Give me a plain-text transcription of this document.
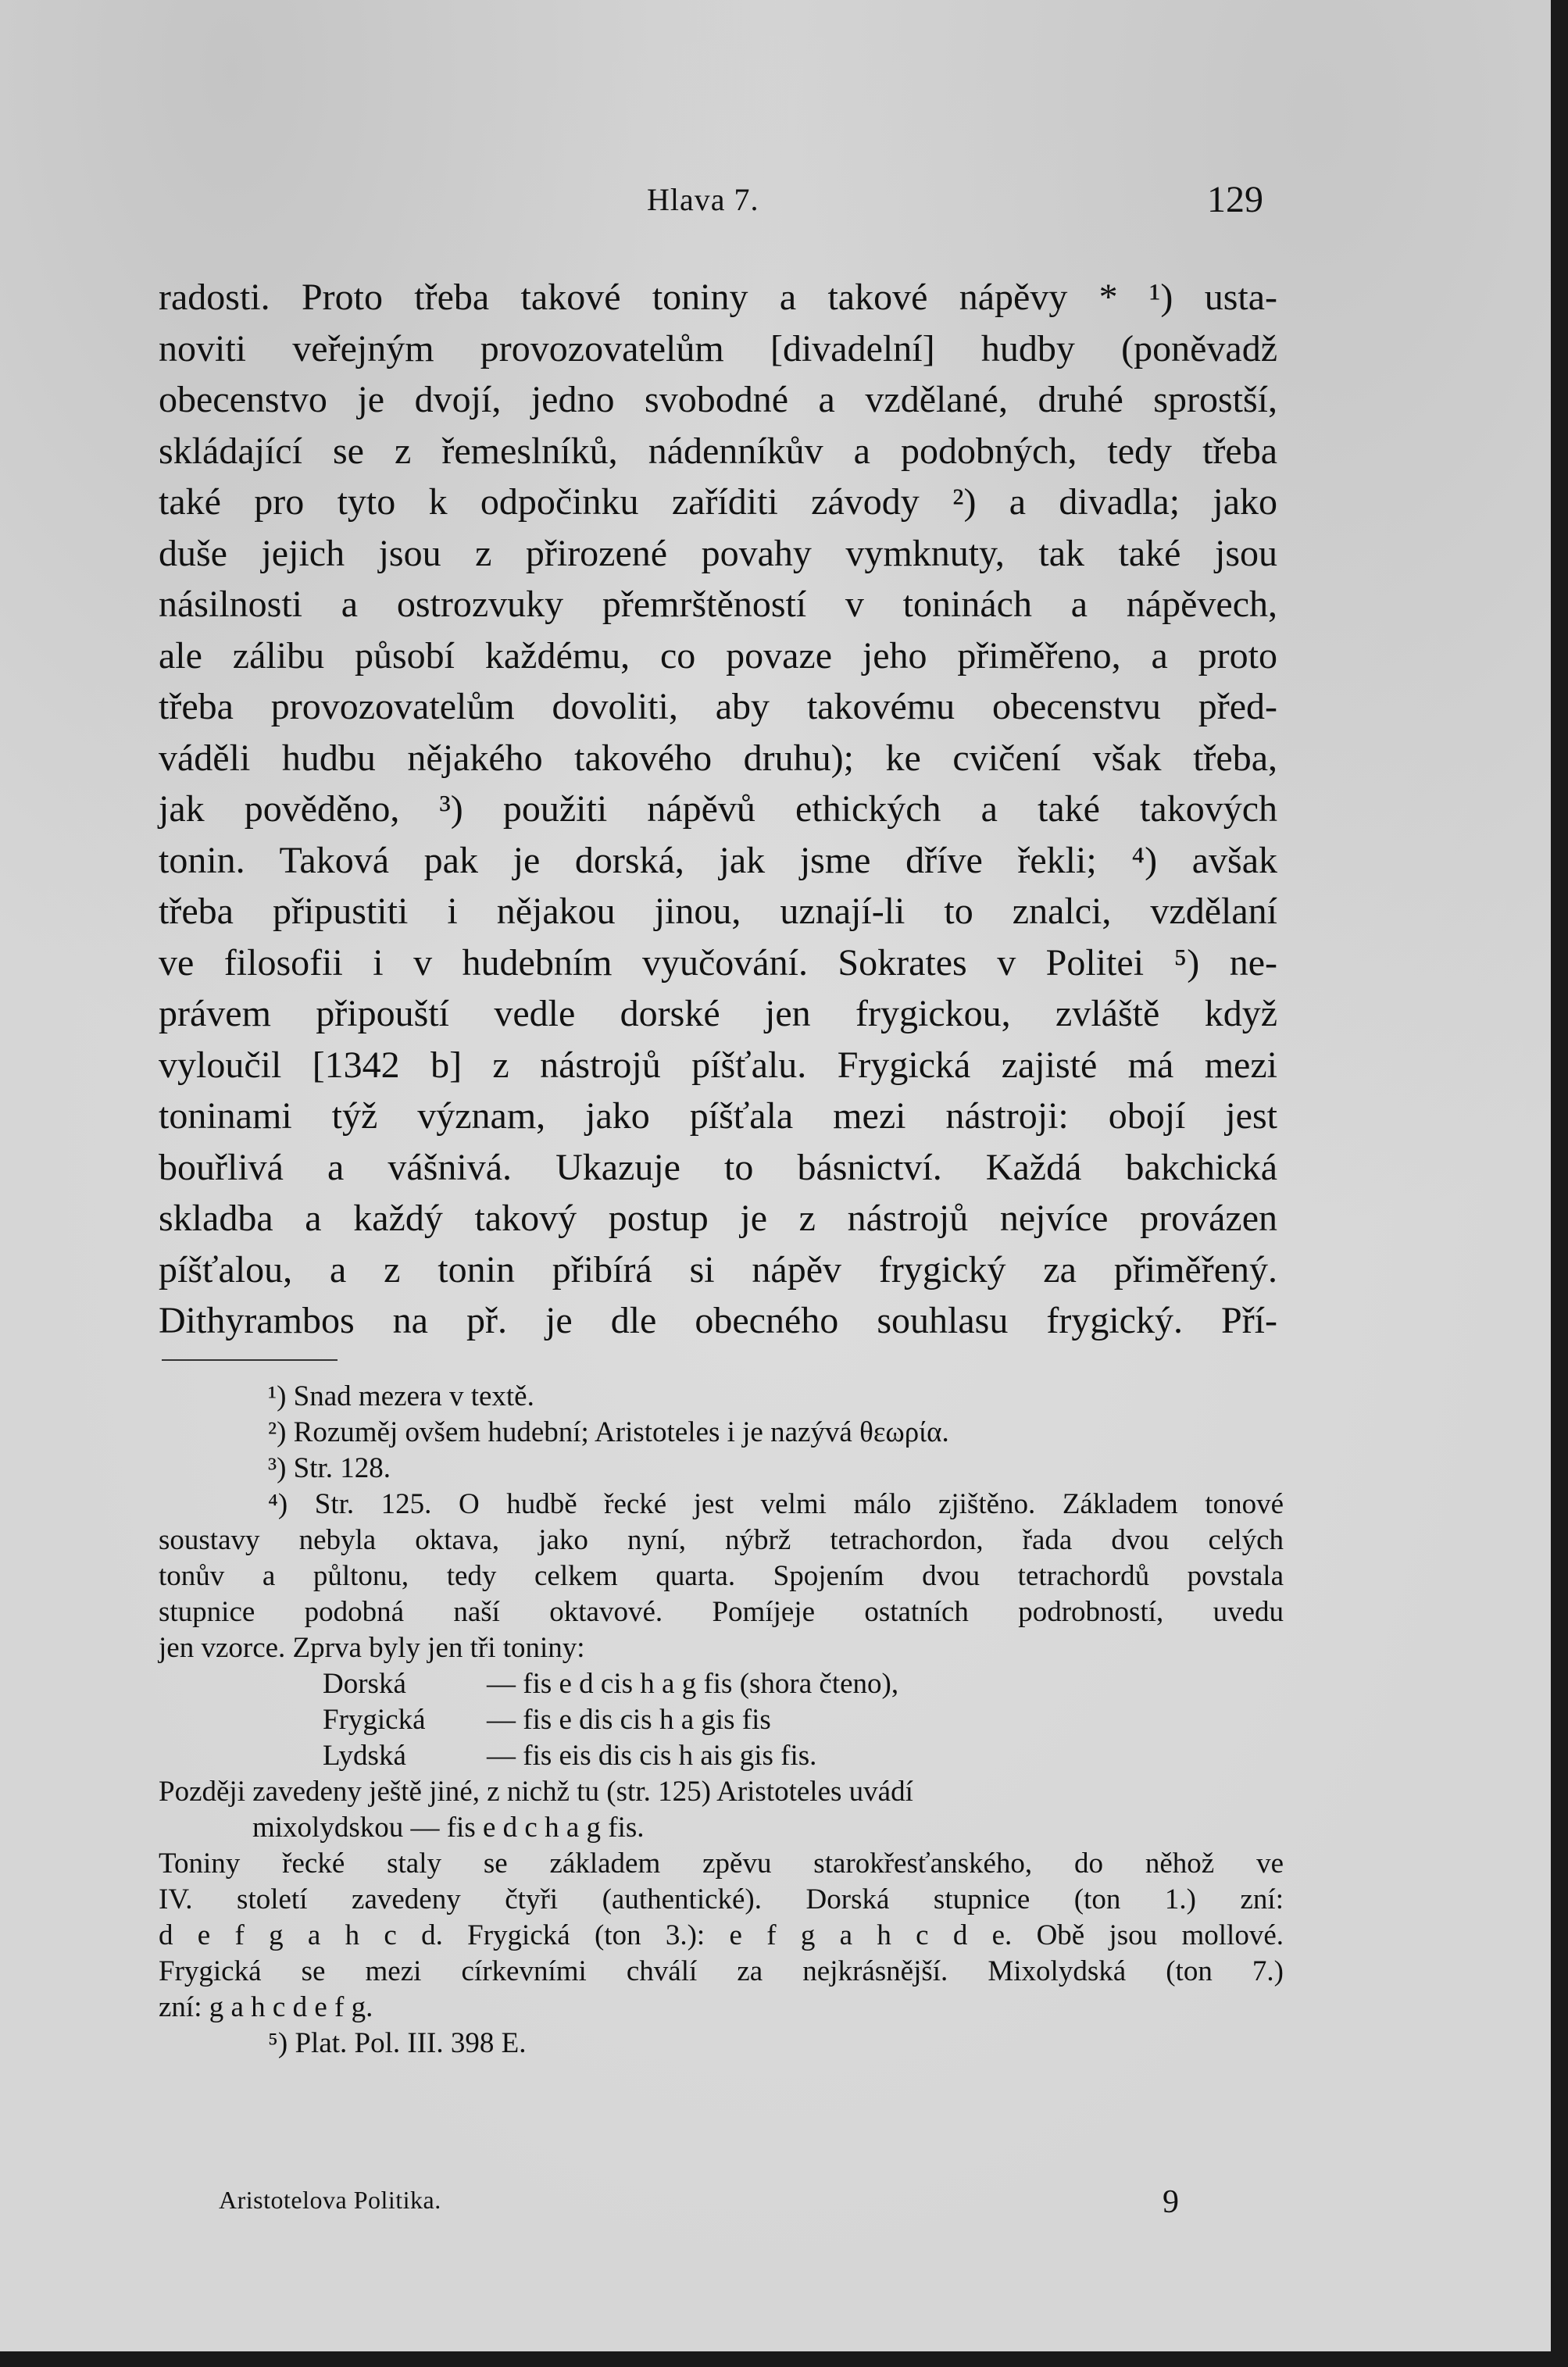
Hlava 7.	129
radosti. Proto třeba takové toniny a takové nápěvy * ¹) usta-
noviti veřejným provozovatelům [divadelní] hudby (poněvadž
obecenstvo je dvojí, jedno svobodné a vzdělané, druhé sprostší,
skládající se z řemeslníků, nádenníkův a podobných, tedy třeba
také pro tyto k odpočinku zaříditi závody ²) a divadla; jako
duše jejich jsou z přirozené povahy vymknuty, tak také jsou
násilnosti a ostrozvuky přemrštěností v toninách a nápěvech,
ale zálibu působí každému, co povaze jeho přiměřeno, a proto
třeba provozovatelům dovoliti, aby takovému obecenstvu před-
váděli hudbu nějakého takového druhu); ke cvičení však třeba,
jak pověděno, ³) použiti nápěvů ethických a také takových
tonin. Taková pak je dorská, jak jsme dříve řekli; ⁴) avšak
třeba připustiti i nějakou jinou, uznají-li to znalci, vzdělaní
ve filosofii i v hudebním vyučování. Sokrates v Politei ⁵) ne-
právem připouští vedle dorské jen frygickou, zvláště když
vyloučil [1342 b] z nástrojů píšťalu. Frygická zajisté má mezi
toninami týž význam, jako píšťala mezi nástroji: obojí jest
bouřlivá a vášnivá. Ukazuje to básnictví. Každá bakchická
skladba a každý takový postup je z nástrojů nejvíce provázen
píšťalou, a z tonin přibírá si nápěv frygický za přiměřený.
Dithyrambos na př. je dle obecného souhlasu frygický. Pří-
¹) Snad mezera v textě.
²) Rozuměj ovšem hudební; Aristoteles i je nazývá θεωρία.
³) Str. 128.
⁴) Str. 125. O hudbě řecké jest velmi málo zjištěno. Základem tonové
soustavy nebyla oktava, jako nyní, nýbrž tetrachordon, řada dvou celých
tonův a půltonu, tedy celkem quarta. Spojením dvou tetrachordů povstala
stupnice podobná naší oktavové. Pomíjeje ostatních podrobností, uvedu
jen vzorce. Zprva byly jen tři toniny:
Dorská	— fis e d cis h a g fis (shora čteno),
Frygická	— fis e dis cis h a gis fis
Lydská	— fis eis dis cis h ais gis fis.
Později zavedeny ještě jiné, z nichž tu (str. 125) Aristoteles uvádí
mixolydskou — fis e d c h a g fis.
Toniny řecké staly se základem zpěvu starokřesťanského, do něhož ve
IV. století zavedeny čtyři (authentické). Dorská stupnice (ton 1.) zní:
d e f g a h c d. Frygická (ton 3.): e f g a h c d e. Obě jsou mollové.
Frygická se mezi církevními chválí za nejkrásnější. Mixolydská (ton 7.)
zní: g a h c d e f g.
⁵) Plat. Pol. III. 398 E.
Aristotelova Politika.	9
